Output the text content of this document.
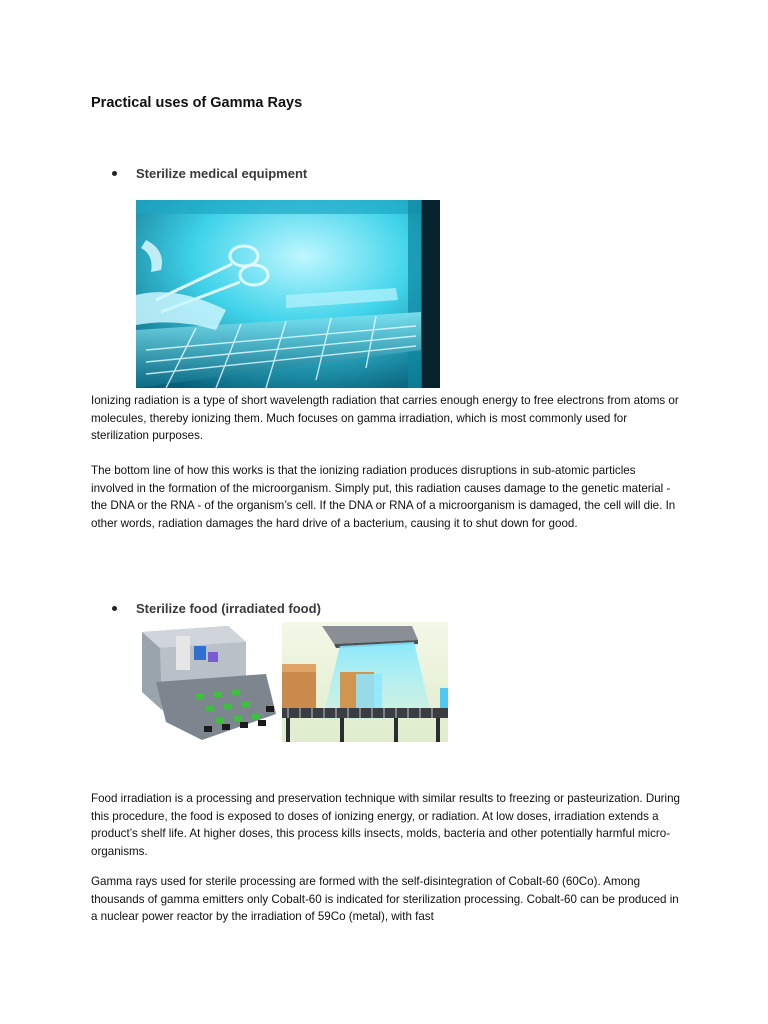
Practical uses of Gamma Rays
Sterilize medical equipment

Ionizing radiation is a type of short wavelength radiation that carries enough energy to free electrons from atoms or molecules, thereby ionizing them. Much focuses on gamma irradiation, which is most commonly used for sterilization purposes.

The bottom line of how this works is that the ionizing radiation produces disruptions in sub-atomic particles involved in the formation of the microorganism. Simply put, this radiation causes damage to the genetic material - the DNA or the RNA - of the organism’s cell. If the DNA or RNA of a microorganism is damaged, the cell will die. In other words, radiation damages the hard drive of a bacterium, causing it to shut down for good.

Sterilize food (irradiated food)

Food irradiation is a processing and preservation technique with similar results to freezing or pasteurization. During this procedure, the food is exposed to doses of ionizing energy, or radiation. At low doses, irradiation extends a product’s shelf life. At higher doses, this process kills insects, molds, bacteria and other potentially harmful micro-organisms.

Gamma rays used for sterile processing are formed with the self-disintegration of Cobalt-60 (60Co). Among thousands of gamma emitters only Cobalt-60 is indicated for sterilization processing. Cobalt-60 can be produced in a nuclear power reactor by the irradiation of 59Co (metal), with fast
